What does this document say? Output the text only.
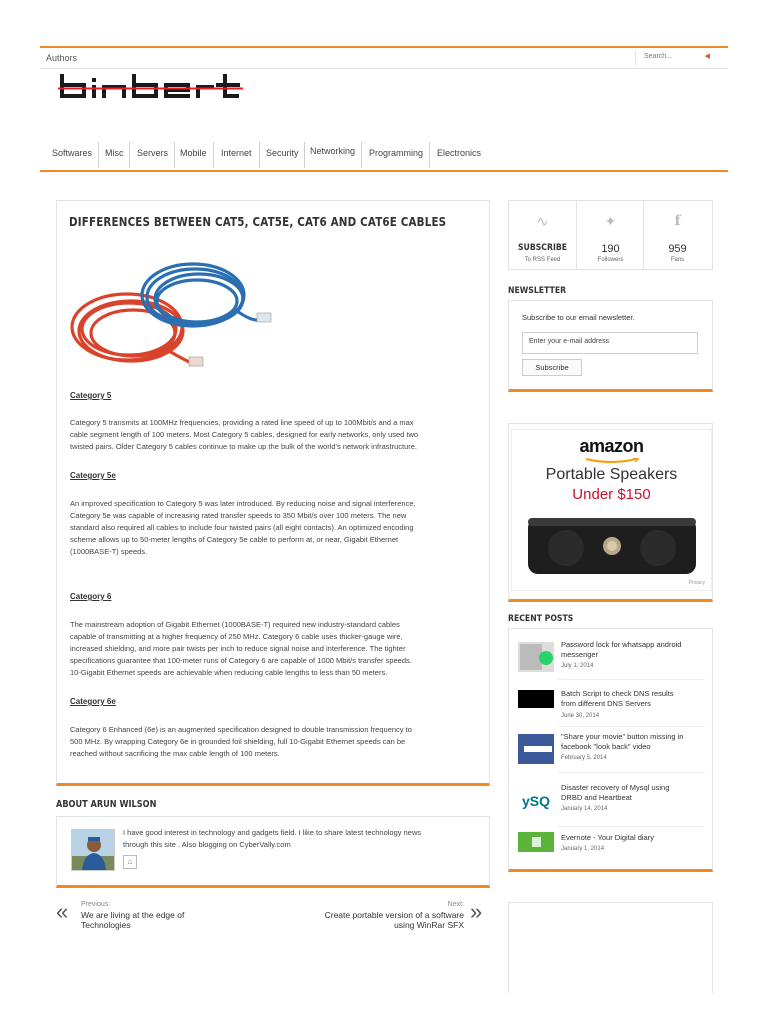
Authors	Search...	◀
Softwares Misc Servers Mobile Internet Security Networking Programming Electronics
DIFFERENCES BETWEEN CAT5, CAT5E, CAT6 AND CAT6E CABLES
Category 5
Category 5 transmits at 100MHz frequencies, providing a rated line speed of up to 100Mbit/s and a max
cable segment length of 100 meters. Most Category 5 cables, designed for early networks, only used two
twisted pairs. Older Category 5 cables continue to make up the bulk of the world's network infrastructure.
Category 5e
An improved specification to Category 5 was later introduced. By reducing noise and signal interference,
Category 5e was capable of increasing rated transfer speeds to 350 Mbit/s over 100 meters. The new
standard also required all cables to include four twisted pairs (all eight contacts). An optimized encoding
scheme allows up to 50-meter lengths of Category 5e cable to perform at, or near, Gigabit Ethernet
(1000BASE-T) speeds.
Category 6
The mainstream adoption of Gigabit Ethernet (1000BASE-T) required new industry-standard cables
capable of transmitting at a higher frequency of 250 MHz. Category 6 cable uses thicker-gauge wire,
increased shielding, and more pair twists per inch to reduce signal noise and interference. The tighter
specifications guarantee that 100-meter runs of Category 6 are capable of 1000 Mbit/s transfer speeds.
10-Gigabit Ethernet speeds are achievable when reducing cable lengths to less than 50 meters.
Category 6e
Category 6 Enhanced (6e) is an augmented specification designed to double transmission frequency to
500 MHz. By wrapping Category 6e in grounded foil shielding, full 10-Gigabit Ethernet speeds can be
reached without sacrificing the max cable length of 100 meters.
ABOUT ARUN WILSON
I have good interest in technology and gadgets field. I like to share latest technology news
through this site . Also blogging on CyberVally.com
⌂
« Previous:
We are living at the edge of
Technologies
Next:
Create portable version of a software
using WinRar SFX
»
∿
SUBSCRIBE
To RSS Feed
✦
190
Followers
f
959
Fans
NEWSLETTER
Subscribe to our email newsletter.
Enter your e-mail address
Subscribe
amazon
Portable Speakers
Under $150
Privacy
RECENT POSTS
Password lock for whatsapp android
messenger
July 1, 2014
Batch Script to check DNS results
from different DNS Servers
June 30, 2014
"Share your movie" button missing in
facebook "look back" video
February 5, 2014
ySQ
Disaster recovery of Mysql using
DRBD and Heartbeat
January 14, 2014
Evernote - Your Digital diary
January 1, 2014
